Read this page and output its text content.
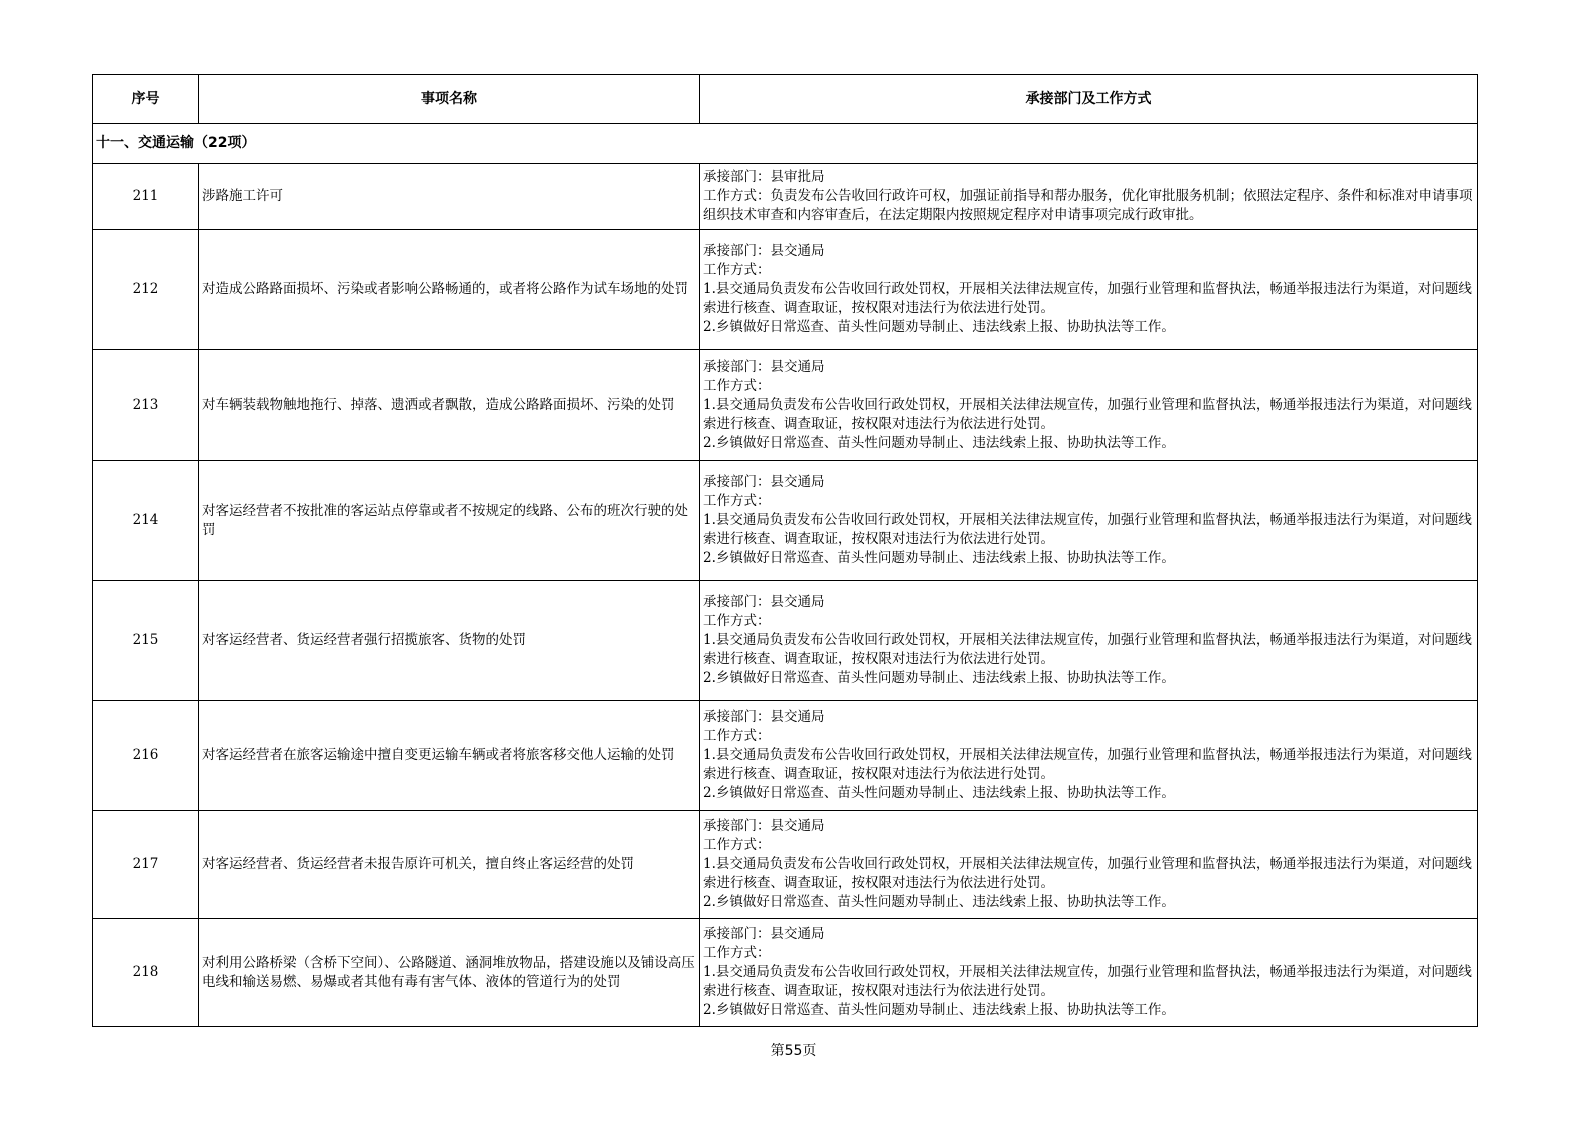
序号	事项名称	承接部门及工作方式
十一、交通运输（22项）		
211	涉路施工许可	承接部门：县审批局
工作方式：负责发布公告收回行政许可权，加强证前指导和帮办服务，优化审批服务机制；依照法定程序、条件和标准对申请事项组织技术审查和内容审查后，在法定期限内按照规定程序对申请事项完成行政审批。

212	对造成公路路面损坏、污染或者影响公路畅通的，或者将公路作为试车场地的处罚	承接部门：县交通局
工作方式：
1.县交通局负责发布公告收回行政处罚权，开展相关法律法规宣传，加强行业管理和监督执法，畅通举报违法行为渠道，对问题线索进行核查、调查取证，按权限对违法行为依法进行处罚。
2.乡镇做好日常巡查、苗头性问题劝导制止、违法线索上报、协助执法等工作。

213	对车辆装载物触地拖行、掉落、遗洒或者飘散，造成公路路面损坏、污染的处罚	承接部门：县交通局
工作方式：
1.县交通局负责发布公告收回行政处罚权，开展相关法律法规宣传，加强行业管理和监督执法，畅通举报违法行为渠道，对问题线索进行核查、调查取证，按权限对违法行为依法进行处罚。
2.乡镇做好日常巡查、苗头性问题劝导制止、违法线索上报、协助执法等工作。

214	对客运经营者不按批准的客运站点停靠或者不按规定的线路、公布的班次行驶的处罚	承接部门：县交通局
工作方式：
1.县交通局负责发布公告收回行政处罚权，开展相关法律法规宣传，加强行业管理和监督执法，畅通举报违法行为渠道，对问题线索进行核查、调查取证，按权限对违法行为依法进行处罚。
2.乡镇做好日常巡查、苗头性问题劝导制止、违法线索上报、协助执法等工作。

215	对客运经营者、货运经营者强行招揽旅客、货物的处罚	承接部门：县交通局
工作方式：
1.县交通局负责发布公告收回行政处罚权，开展相关法律法规宣传，加强行业管理和监督执法，畅通举报违法行为渠道，对问题线索进行核查、调查取证，按权限对违法行为依法进行处罚。
2.乡镇做好日常巡查、苗头性问题劝导制止、违法线索上报、协助执法等工作。

216	对客运经营者在旅客运输途中擅自变更运输车辆或者将旅客移交他人运输的处罚	承接部门：县交通局
工作方式：
1.县交通局负责发布公告收回行政处罚权，开展相关法律法规宣传，加强行业管理和监督执法，畅通举报违法行为渠道，对问题线索进行核查、调查取证，按权限对违法行为依法进行处罚。
2.乡镇做好日常巡查、苗头性问题劝导制止、违法线索上报、协助执法等工作。

217	对客运经营者、货运经营者未报告原许可机关，擅自终止客运经营的处罚	承接部门：县交通局
工作方式：
1.县交通局负责发布公告收回行政处罚权，开展相关法律法规宣传，加强行业管理和监督执法，畅通举报违法行为渠道，对问题线索进行核查、调查取证，按权限对违法行为依法进行处罚。
2.乡镇做好日常巡查、苗头性问题劝导制止、违法线索上报、协助执法等工作。

218	对利用公路桥梁（含桥下空间）、公路隧道、涵洞堆放物品，搭建设施以及铺设高压电线和输送易燃、易爆或者其他有毒有害气体、液体的管道行为的处罚	承接部门：县交通局
工作方式：
1.县交通局负责发布公告收回行政处罚权，开展相关法律法规宣传，加强行业管理和监督执法，畅通举报违法行为渠道，对问题线索进行核查、调查取证，按权限对违法行为依法进行处罚。
2.乡镇做好日常巡查、苗头性问题劝导制止、违法线索上报、协助执法等工作。
第55页
